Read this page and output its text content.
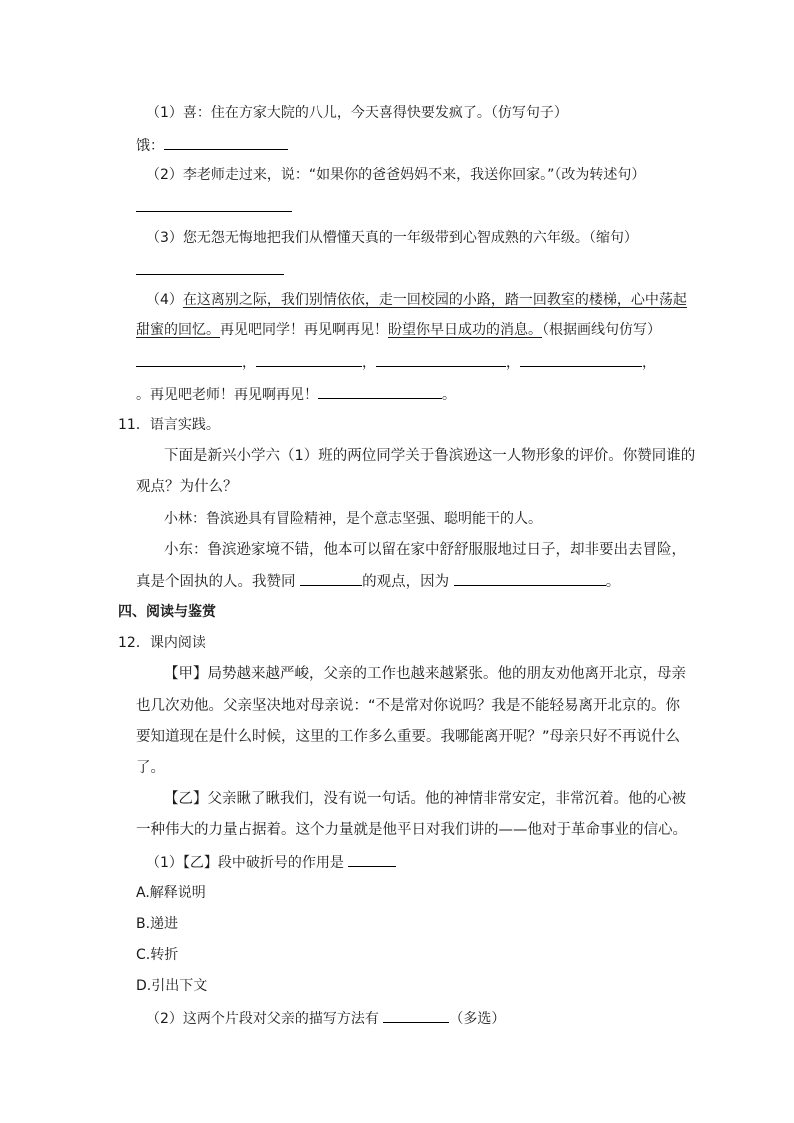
（1）喜：住在方家大院的八儿，今天喜得快要发疯了。（仿写句子）
饿：
（2）李老师走过来，说：“如果你的爸爸妈妈不来，我送你回家。”（改为转述句）
（3）您无怨无悔地把我们从懵懂天真的一年级带到心智成熟的六年级。（缩句）
（4）在这离别之际，我们别情依依，走一回校园的小路，踏一回教室的楼梯，心中荡起
甜蜜的回忆。再见吧同学！再见啊再见！盼望你早日成功的消息。（根据画线句仿写）
，	，	，	，
。再见吧老师！再见啊再见！	。
11．语言实践。
下面是新兴小学六（1）班的两位同学关于鲁滨逊这一人物形象的评价。你赞同谁的
观点？为什么？
小林：鲁滨逊具有冒险精神，是个意志坚强、聪明能干的人。
小东：鲁滨逊家境不错，他本可以留在家中舒舒服服地过日子，却非要出去冒险，
真是个固执的人。我赞同	的观点，因为	。
四、阅读与鉴赏
12．课内阅读
【甲】局势越来越严峻，父亲的工作也越来越紧张。他的朋友劝他离开北京，母亲
也几次劝他。父亲坚决地对母亲说：“不是常对你说吗？我是不能轻易离开北京的。你
要知道现在是什么时候，这里的工作多么重要。我哪能离开呢？”母亲只好不再说什么
了。
【乙】父亲瞅了瞅我们，没有说一句话。他的神情非常安定，非常沉着。他的心被
一种伟大的力量占据着。这个力量就是他平日对我们讲的——他对于革命事业的信心。
（1）【乙】段中破折号的作用是
A.解释说明
B.递进
C.转折
D.引出下文
（2）这两个片段对父亲的描写方法有	（多选）
